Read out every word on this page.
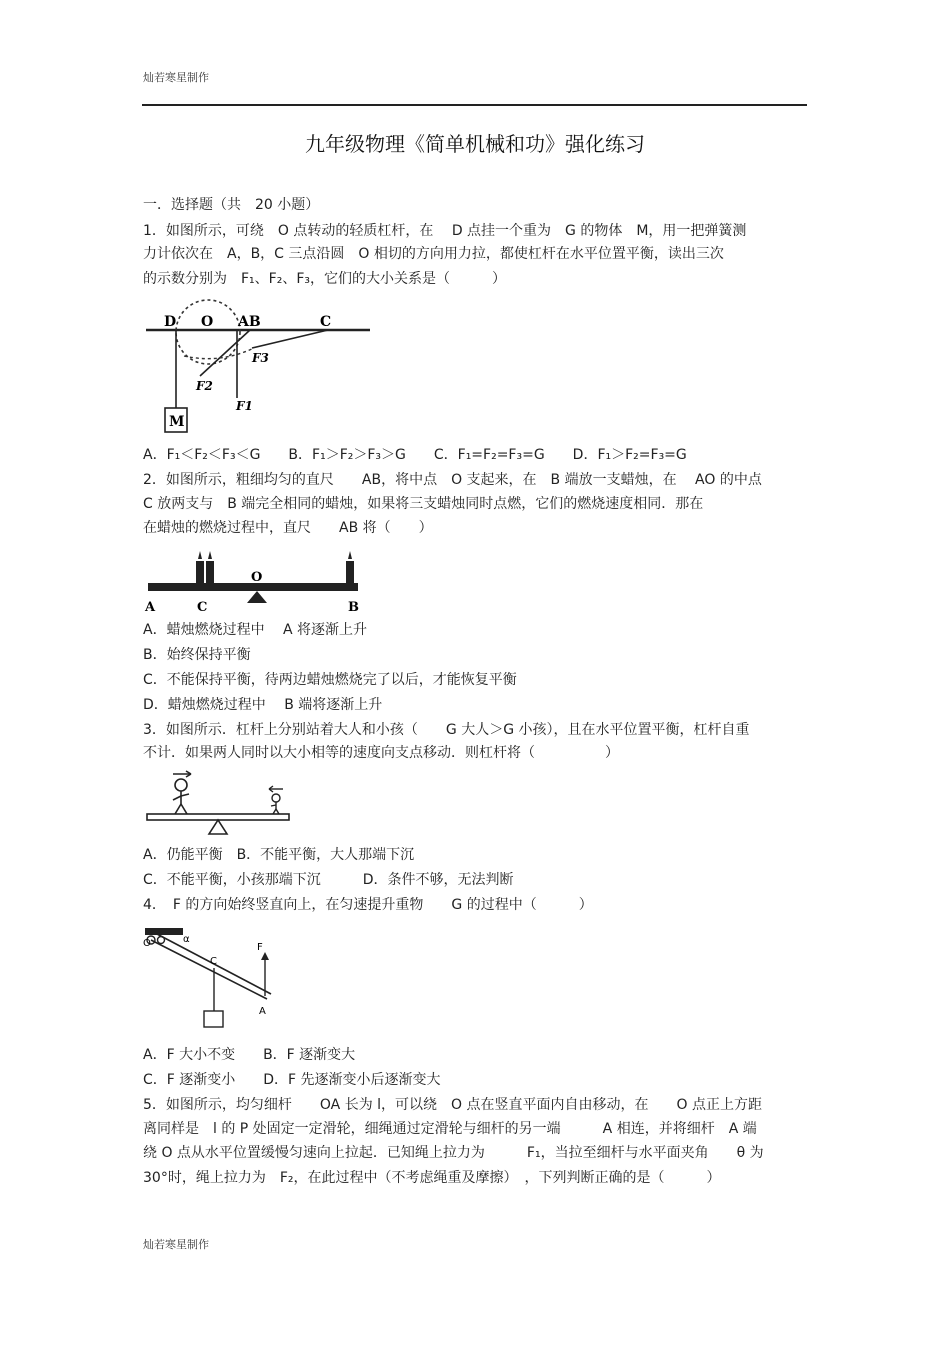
灿若寒星制作
九年级物理《简单机械和功》强化练习
一．选择题（共　20 小题）
1．如图所示，可绕　O 点转动的轻质杠杆，在　 D 点挂一个重为　G 的物体　M，用一把弹簧测
力计依次在　A，B，C 三点沿圆　O 相切的方向用力拉，都使杠杆在水平位置平衡，读出三次
的示数分别为　F₁、F₂、F₃，它们的大小关系是（　　　）
D O AB	C
F3
F2
F1
M
A．F₁＜F₂＜F₃＜G　　B．F₁＞F₂＞F₃＞G　　C．F₁=F₂=F₃=G　　D．F₁＞F₂=F₃=G
2．如图所示，粗细均匀的直尺　　AB，将中点　O 支起来，在　B 端放一支蜡烛，在　 AO 的中点
C 放两支与　B 端完全相同的蜡烛，如果将三支蜡烛同时点燃，它们的燃烧速度相同．那在
在蜡烛的燃烧过程中，直尺　　AB 将（　　）
A	C
O
B
A．蜡烛燃烧过程中　 A 将逐渐上升
B．始终保持平衡
C．不能保持平衡，待两边蜡烛燃烧完了以后，才能恢复平衡
D．蜡烛燃烧过程中　 B 端将逐渐上升
3．如图所示．杠杆上分别站着大人和小孩（　　G 大人＞G 小孩），且在水平位置平衡，杠杆自重
不计．如果两人同时以大小相等的速度向支点移动．则杠杆将（　　　　　）
A．仍能平衡　B．不能平衡，大人那端下沉
C．不能平衡，小孩那端下沉　　　D．条件不够，无法判断
4．　F 的方向始终竖直向上，在匀速提升重物　　G 的过程中（　　　）
O	α
C
F
A
A．F 大小不变　　B．F 逐渐变大
C．F 逐渐变小　　D．F 先逐渐变小后逐渐变大
5．如图所示，均匀细杆　　OA 长为 l，可以绕　O 点在竖直平面内自由移动，在　　O 点正上方距
离同样是　l 的 P 处固定一定滑轮，细绳通过定滑轮与细杆的另一端　　　A 相连，并将细杆　A 端
绕 O 点从水平位置缓慢匀速向上拉起．已知绳上拉力为　　　F₁，当拉至细杆与水平面夹角　　θ 为
30°时，绳上拉力为　F₂，在此过程中（不考虑绳重及摩擦）　，下列判断正确的是（　　　）
灿若寒星制作
